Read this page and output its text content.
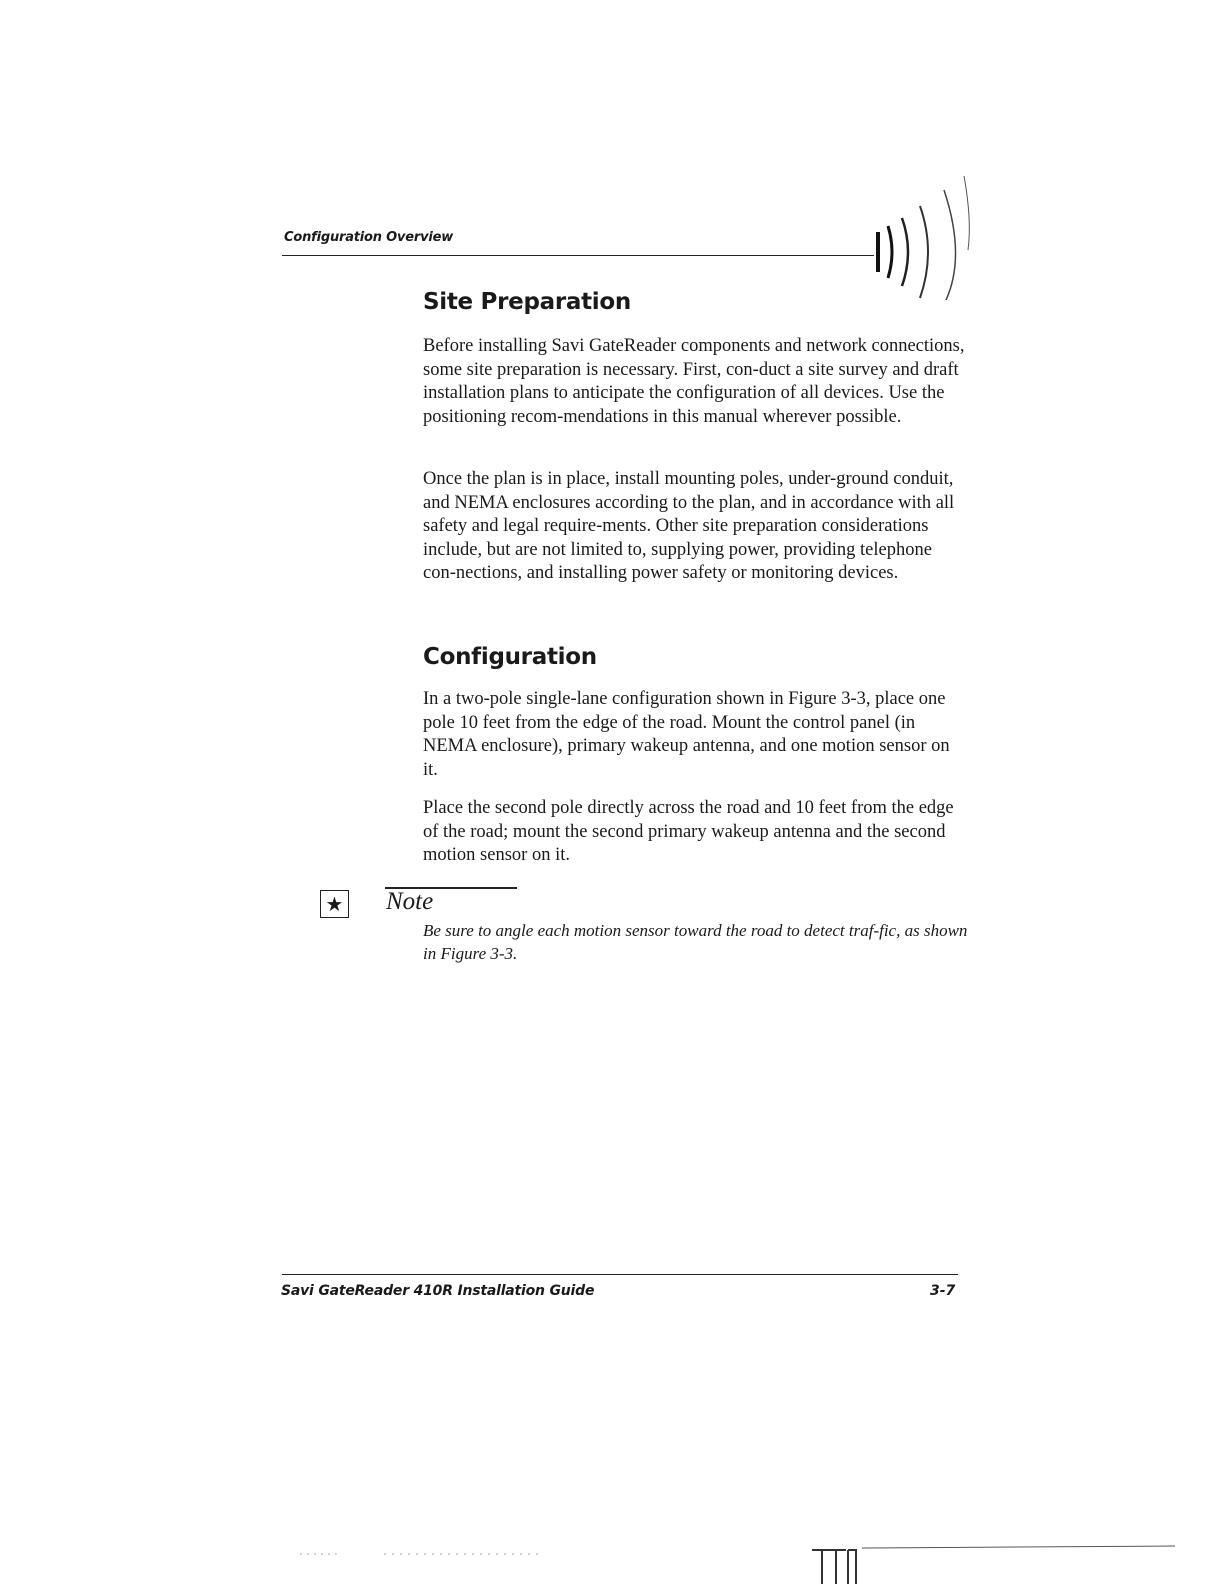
Configuration Overview
Site Preparation

Before installing Savi GateReader components and network connections, some site preparation is necessary. First, con-duct a site survey and draft installation plans to anticipate the configuration of all devices. Use the positioning recom-mendations in this manual wherever possible.

Once the plan is in place, install mounting poles, under-ground conduit, and NEMA enclosures according to the plan, and in accordance with all safety and legal require-ments. Other site preparation considerations include, but are not limited to, supplying power, providing telephone con-nections, and installing power safety or monitoring devices.

Configuration

In a two-pole single-lane configuration shown in Figure 3-3, place one pole 10 feet from the edge of the road. Mount the control panel (in NEMA enclosure), primary wakeup antenna, and one motion sensor on it.

Place the second pole directly across the road and 10 feet from the edge of the road; mount the second primary wakeup antenna and the second motion sensor on it.

★ Note

Be sure to angle each motion sensor toward the road to detect traf-fic, as shown in Figure 3-3.

Savi GateReader 410R Installation Guide	3-7
